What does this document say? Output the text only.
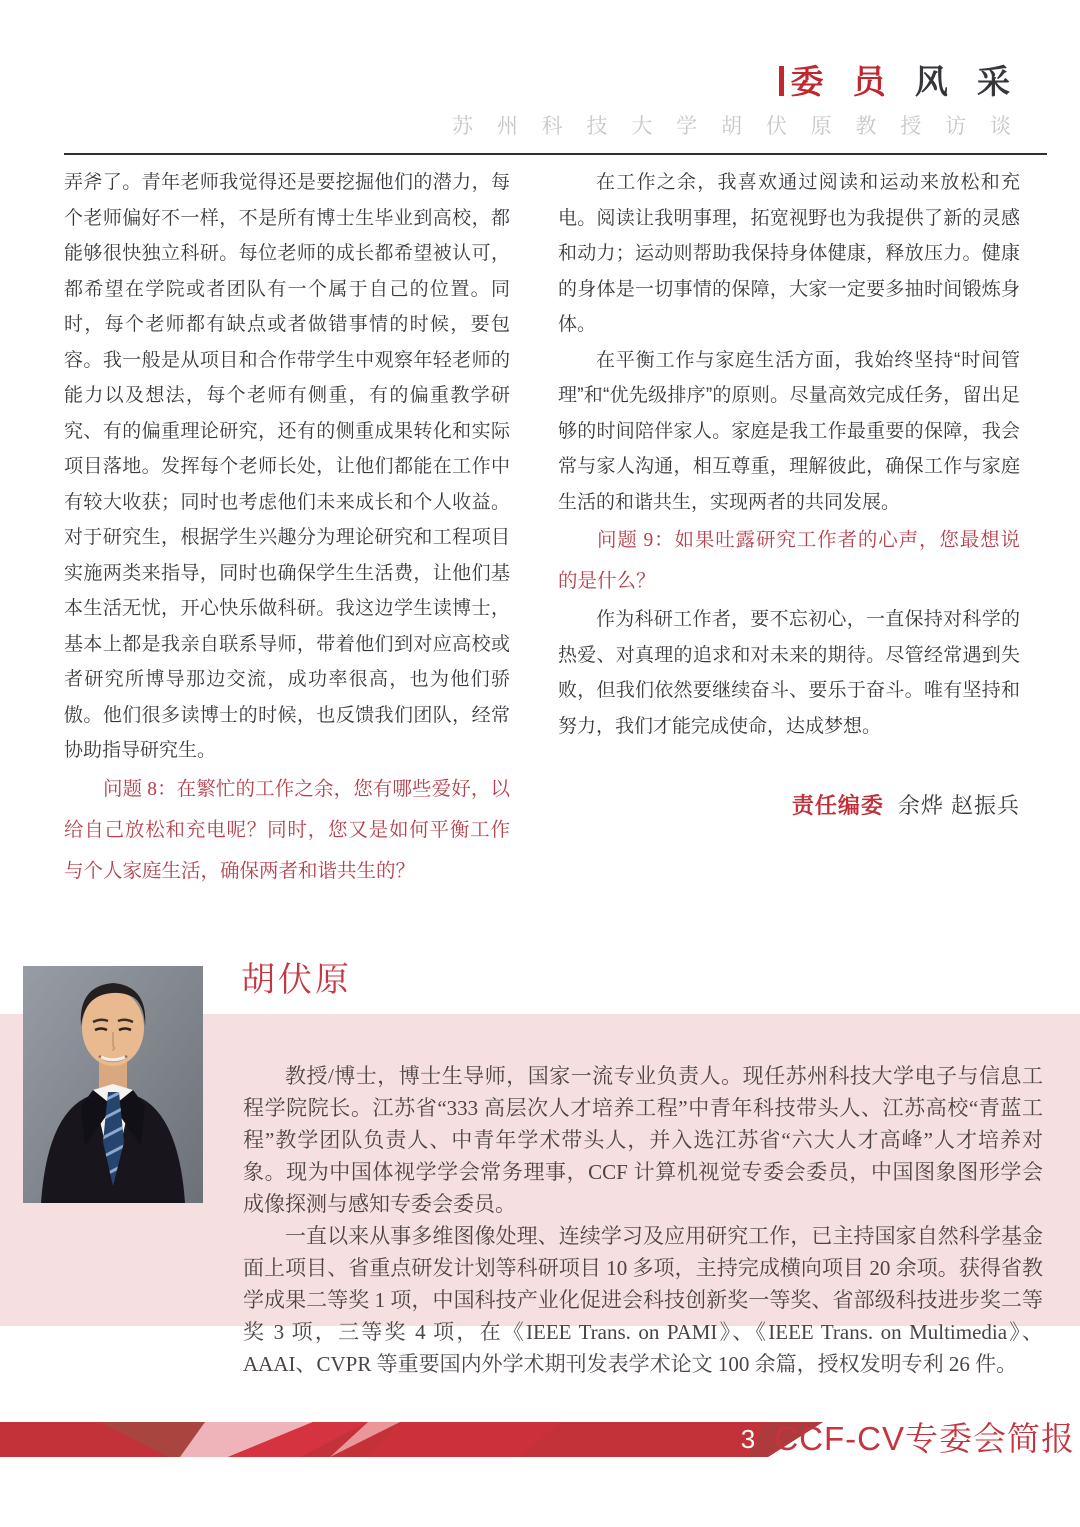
委 员 风 采
苏 州 科 技 大 学 胡 伏 原 教 授 访 谈

弄斧了。青年老师我觉得还是要挖掘他们的潜力，每个老师偏好不一样，不是所有博士生毕业到高校，都能够很快独立科研。每位老师的成长都希望被认可，都希望在学院或者团队有一个属于自己的位置。同时，每个老师都有缺点或者做错事情的时候，要包容。我一般是从项目和合作带学生中观察年轻老师的能力以及想法，每个老师有侧重，有的偏重教学研究、有的偏重理论研究，还有的侧重成果转化和实际项目落地。发挥每个老师长处，让他们都能在工作中有较大收获；同时也考虑他们未来成长和个人收益。对于研究生，根据学生兴趣分为理论研究和工程项目实施两类来指导，同时也确保学生生活费，让他们基本生活无忧，开心快乐做科研。我这边学生读博士，基本上都是我亲自联系导师，带着他们到对应高校或者研究所博导那边交流，成功率很高，也为他们骄傲。他们很多读博士的时候，也反馈我们团队，经常协助指导研究生。

问题 8：在繁忙的工作之余，您有哪些爱好，以给自己放松和充电呢？同时，您又是如何平衡工作与个人家庭生活，确保两者和谐共生的？

在工作之余，我喜欢通过阅读和运动来放松和充电。阅读让我明事理，拓宽视野也为我提供了新的灵感和动力；运动则帮助我保持身体健康，释放压力。健康的身体是一切事情的保障，大家一定要多抽时间锻炼身体。

在平衡工作与家庭生活方面，我始终坚持“时间管理”和“优先级排序”的原则。尽量高效完成任务，留出足够的时间陪伴家人。家庭是我工作最重要的保障，我会常与家人沟通，相互尊重，理解彼此，确保工作与家庭生活的和谐共生，实现两者的共同发展。

问题 9：如果吐露研究工作者的心声，您最想说的是什么？

作为科研工作者，要不忘初心，一直保持对科学的热爱、对真理的追求和对未来的期待。尽管经常遇到失败，但我们依然要继续奋斗、要乐于奋斗。唯有坚持和努力，我们才能完成使命，达成梦想。

责任编委 余烨 赵振兵
胡伏原

教授/博士，博士生导师，国家一流专业负责人。现任苏州科技大学电子与信息工程学院院长。江苏省“333 高层次人才培养工程”中青年科技带头人、江苏高校“青蓝工程”教学团队负责人、中青年学术带头人，并入选江苏省“六大人才高峰”人才培养对象。现为中国体视学学会常务理事，CCF 计算机视觉专委会委员，中国图象图形学会成像探测与感知专委会委员。

一直以来从事多维图像处理、连续学习及应用研究工作，已主持国家自然科学基金面上项目、省重点研发计划等科研项目 10 多项，主持完成横向项目 20 余项。获得省教学成果二等奖 1 项，中国科技产业化促进会科技创新奖一等奖、省部级科技进步奖二等奖 3 项，三等奖 4 项，在《IEEE Trans. on PAMI》、《IEEE Trans. on Multimedia》、AAAI、CVPR 等重要国内外学术期刊发表学术论文 100 余篇，授权发明专利 26 件。

3 CCF-CV专委会简报
